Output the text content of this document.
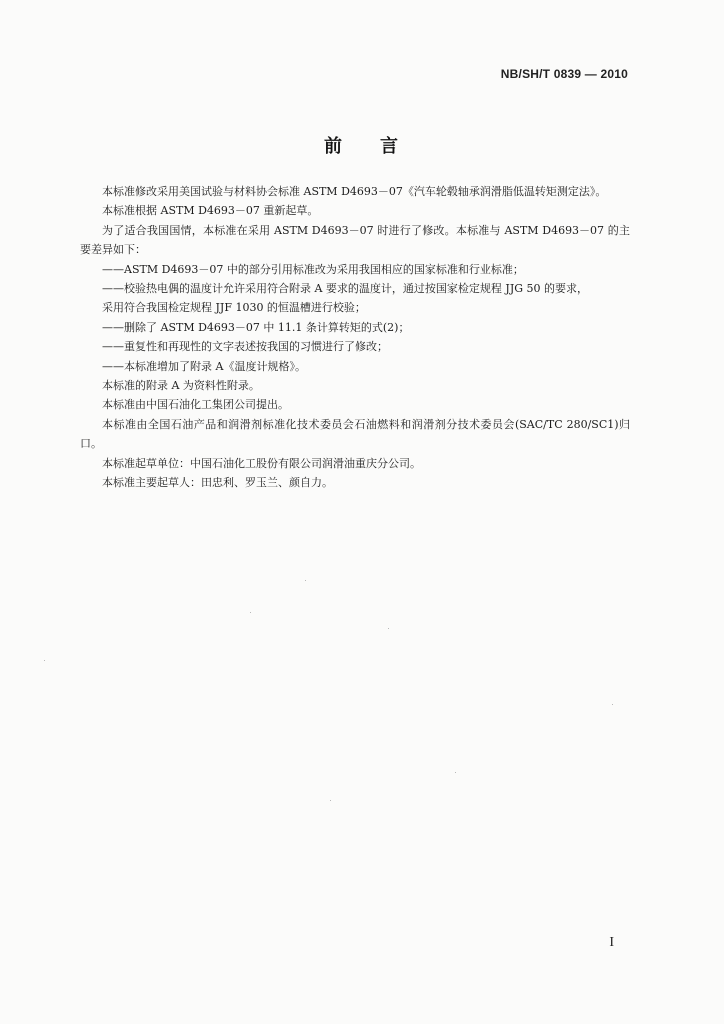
NB/SH/T 0839 — 2010
前 言

本标准修改采用美国试验与材料协会标准 ASTM D4693－07《汽车轮毂轴承润滑脂低温转矩测定法》。

本标准根据 ASTM D4693－07 重新起草。

为了适合我国国情，本标准在采用 ASTM D4693－07 时进行了修改。本标准与 ASTM D4693－07 的主要差异如下：

——ASTM D4693－07 中的部分引用标准改为采用我国相应的国家标准和行业标准；

——校验热电偶的温度计允许采用符合附录 A 要求的温度计，通过按国家检定规程 JJG 50 的要求，

采用符合我国检定规程 JJF 1030 的恒温槽进行校验；

——删除了 ASTM D4693－07 中 11.1 条计算转矩的式(2)；

——重复性和再现性的文字表述按我国的习惯进行了修改；

——本标准增加了附录 A《温度计规格》。

本标准的附录 A 为资料性附录。

本标准由中国石油化工集团公司提出。

本标准由全国石油产品和润滑剂标准化技术委员会石油燃料和润滑剂分技术委员会(SAC/TC 280/SC1)归口。

本标准起草单位：中国石油化工股份有限公司润滑油重庆分公司。

本标准主要起草人：田忠利、罗玉兰、颜自力。

I
